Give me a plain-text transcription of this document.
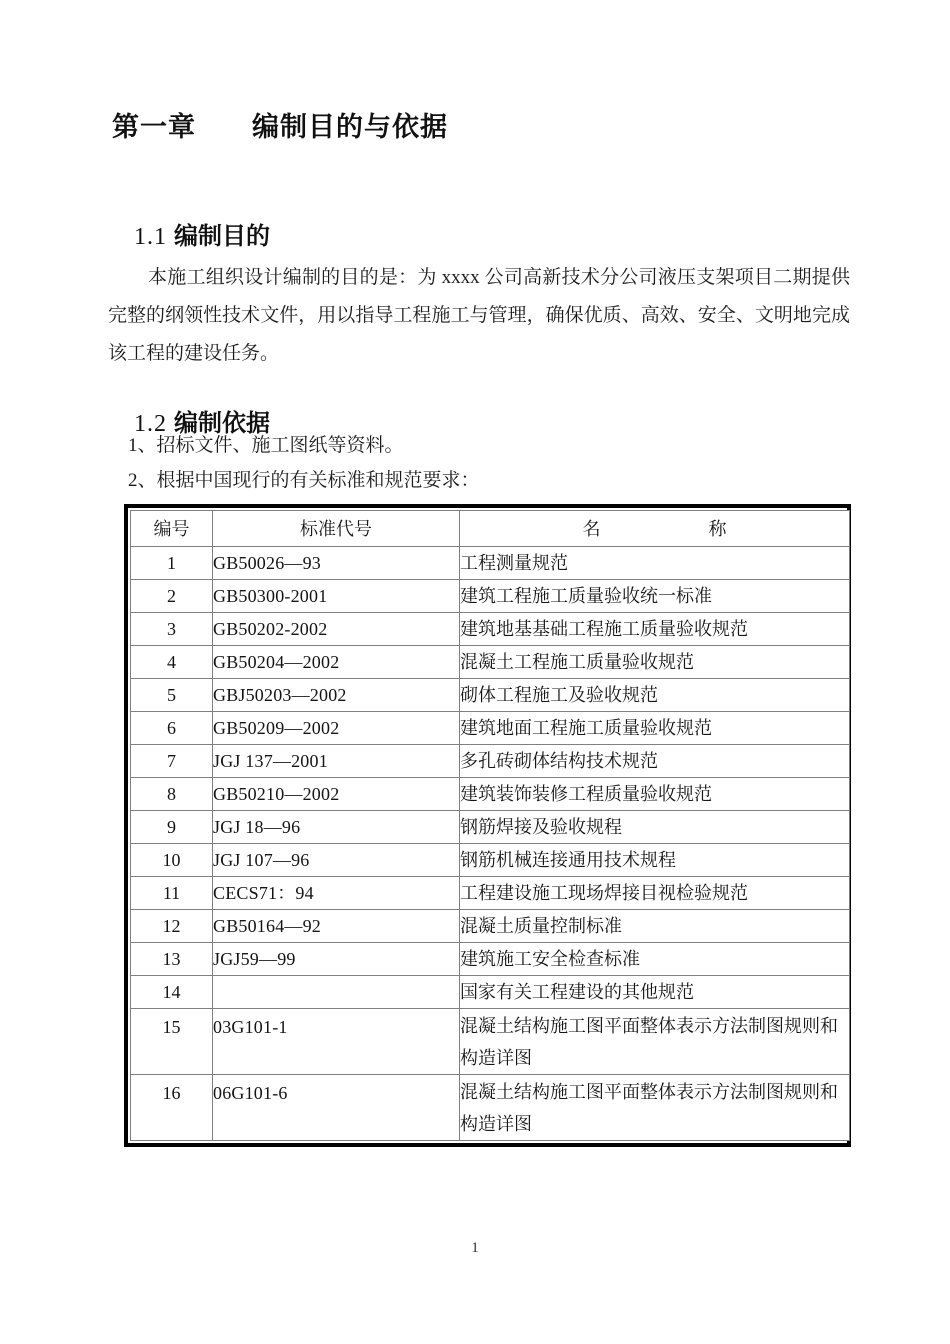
第一章　　编制目的与依据

1.1 编制目的

本施工组织设计编制的目的是：为 xxxx 公司高新技术分公司液压支架项目二期提供完整的纲领性技术文件，用以指导工程施工与管理，确保优质、高效、安全、文明地完成该工程的建设任务。

1.2 编制依据

1、招标文件、施工图纸等资料。
2、根据中国现行的有关标准和规范要求：
编号	标准代号	名　　　　　　称
1	GB50026—93	工程测量规范
2	GB50300-2001	建筑工程施工质量验收统一标准
3	GB50202-2002	建筑地基基础工程施工质量验收规范
4	GB50204—2002	混凝土工程施工质量验收规范
5	GBJ50203—2002	砌体工程施工及验收规范
6	GB50209—2002	建筑地面工程施工质量验收规范
7	JGJ 137—2001	多孔砖砌体结构技术规范
8	GB50210—2002	建筑装饰装修工程质量验收规范
9	JGJ 18—96	钢筋焊接及验收规程
10	JGJ 107—96	钢筋机械连接通用技术规程
11	CECS71：94	工程建设施工现场焊接目视检验规范
12	GB50164—92	混凝土质量控制标准
13	JGJ59—99	建筑施工安全检查标准
14		国家有关工程建设的其他规范
15	03G101-1	混凝土结构施工图平面整体表示方法制图规则和构造详图
16	06G101-6	混凝土结构施工图平面整体表示方法制图规则和构造详图
1
